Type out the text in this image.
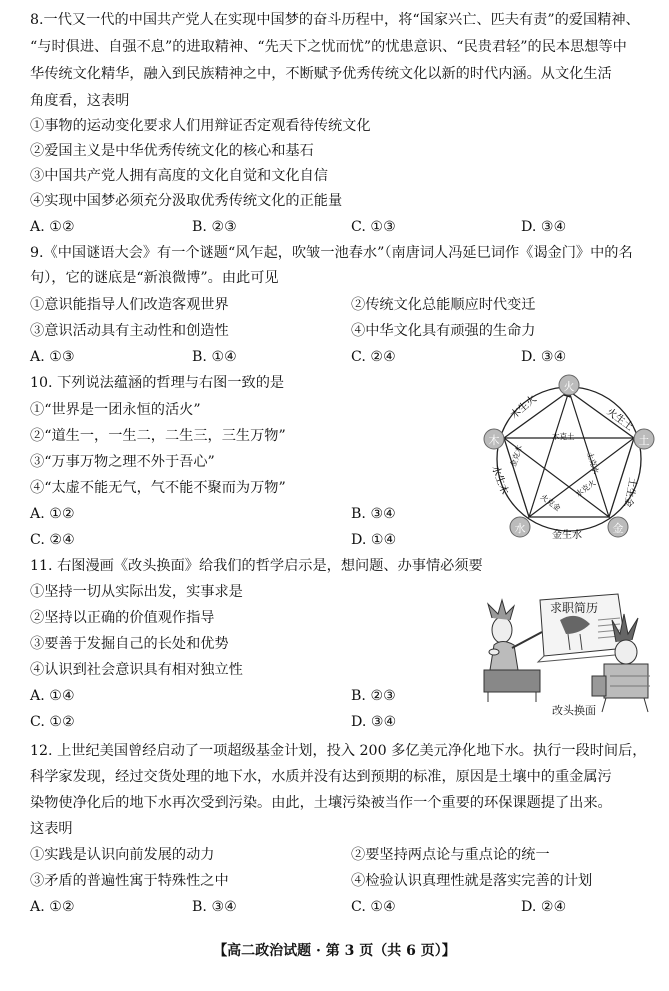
8.一代又一代的中国共产党人在实现中国梦的奋斗历程中，将“国家兴亡、匹夫有责”的爱国精神、
“与时俱进、自强不息”的进取精神、“先天下之忧而忧”的忧患意识、“民贵君轻”的民本思想等中
华传统文化精华，融入到民族精神之中，不断赋予优秀传统文化以新的时代内涵。从文化生活
角度看，这表明
①事物的运动变化要求人们用辩证否定观看待传统文化
②爱国主义是中华优秀传统文化的核心和基石
③中国共产党人拥有高度的文化自觉和文化自信
④实现中国梦必须充分汲取优秀传统文化的正能量
A. ①②	B. ②③	C. ①③	D. ③④
9.《中国谜语大会》有一个谜题“风乍起，吹皱一池春水”（南唐词人冯延巳词作《谒金门》中的名
句），它的谜底是“新浪微博”。由此可见
①意识能指导人们改造客观世界	②传统文化总能顺应时代变迁
③意识活动具有主动性和创造性	④中华文化具有顽强的生命力
A. ①③	B. ①④	C. ②④	D. ③④
10. 下列说法蕴涵的哲理与右图一致的是
①“世界是一团永恒的活火”
②“道生一，一生二，二生三，三生万物”
③“万事万物之理不外于吾心”
④“太虚不能无气，气不能不聚而为万物”
A. ①②	B. ③④
C. ②④	D. ①④
火
土
金
水
木
火生土
土生金
金生水
水生木
木生火
木克土
土克水
水克火
火克金
金克木
11. 右图漫画《改头换面》给我们的哲学启示是，想问题、办事情必须要
①坚持一切从实际出发，实事求是
②坚持以正确的价值观作指导
③要善于发掘自己的长处和优势
④认识到社会意识具有相对独立性
A. ①④	B. ②③
C. ①②	D. ③④
求职简历
改头换面
12. 上世纪美国曾经启动了一项超级基金计划，投入 200 多亿美元净化地下水。执行一段时间后，
科学家发现，经过交货处理的地下水，水质并没有达到预期的标准，原因是土壤中的重金属污
染物使净化后的地下水再次受到污染。由此，土壤污染被当作一个重要的环保课题提了出来。
这表明
①实践是认识向前发展的动力	②要坚持两点论与重点论的统一
③矛盾的普遍性寓于特殊性之中	④检验认识真理性就是落实完善的计划
A. ①②	B. ③④	C. ①④	D. ②④
【高二政治试题 · 第 3 页（共 6 页）】
